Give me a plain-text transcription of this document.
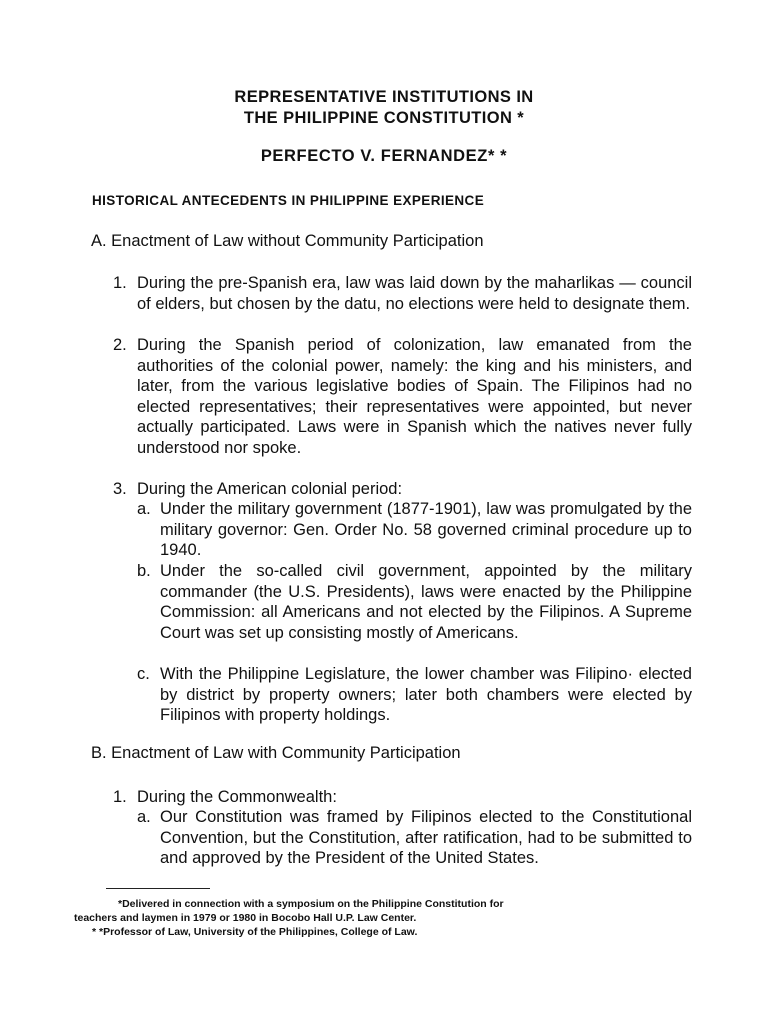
REPRESENTATIVE INSTITUTIONS IN
THE PHILIPPINE CONSTITUTION *
PERFECTO V. FERNANDEZ* *
HISTORICAL ANTECEDENTS IN PHILIPPINE EXPERIENCE
A. Enactment of Law without Community Participation
1. During the pre-Spanish era, law was laid down by the maharlikas — council of elders, but chosen by the datu, no elections were held to designate them.
2. During the Spanish period of colonization, law emanated from the authorities of the colonial power, namely: the king and his ministers, and later, from the various legislative bodies of Spain. The Filipinos had no elected representatives; their representatives were appointed, but never actually participated. Laws were in Spanish which the natives never fully understood nor spoke.
3. During the American colonial period:
a. Under the military government (1877-1901), law was promulgated by the military governor: Gen. Order No. 58 governed criminal procedure up to 1940.
b. Under the so-called civil government, appointed by the military commander (the U.S. Presidents), laws were enacted by the Philippine Commission: all Americans and not elected by the Filipinos. A Supreme Court was set up consisting mostly of Americans.
c. With the Philippine Legislature, the lower chamber was Filipino· elected by district by property owners; later both chambers were elected by Filipinos with property holdings.
B. Enactment of Law with Community Participation
1. During the Commonwealth:
a. Our Constitution was framed by Filipinos elected to the Constitutional Convention, but the Constitution, after ratification, had to be submitted to and approved by the President of the United States.
*Delivered in connection with a symposium on the Philippine Constitution for
teachers and laymen in 1979 or 1980 in Bocobo Hall U.P. Law Center.
* *Professor of Law, University of the Philippines, College of Law.
